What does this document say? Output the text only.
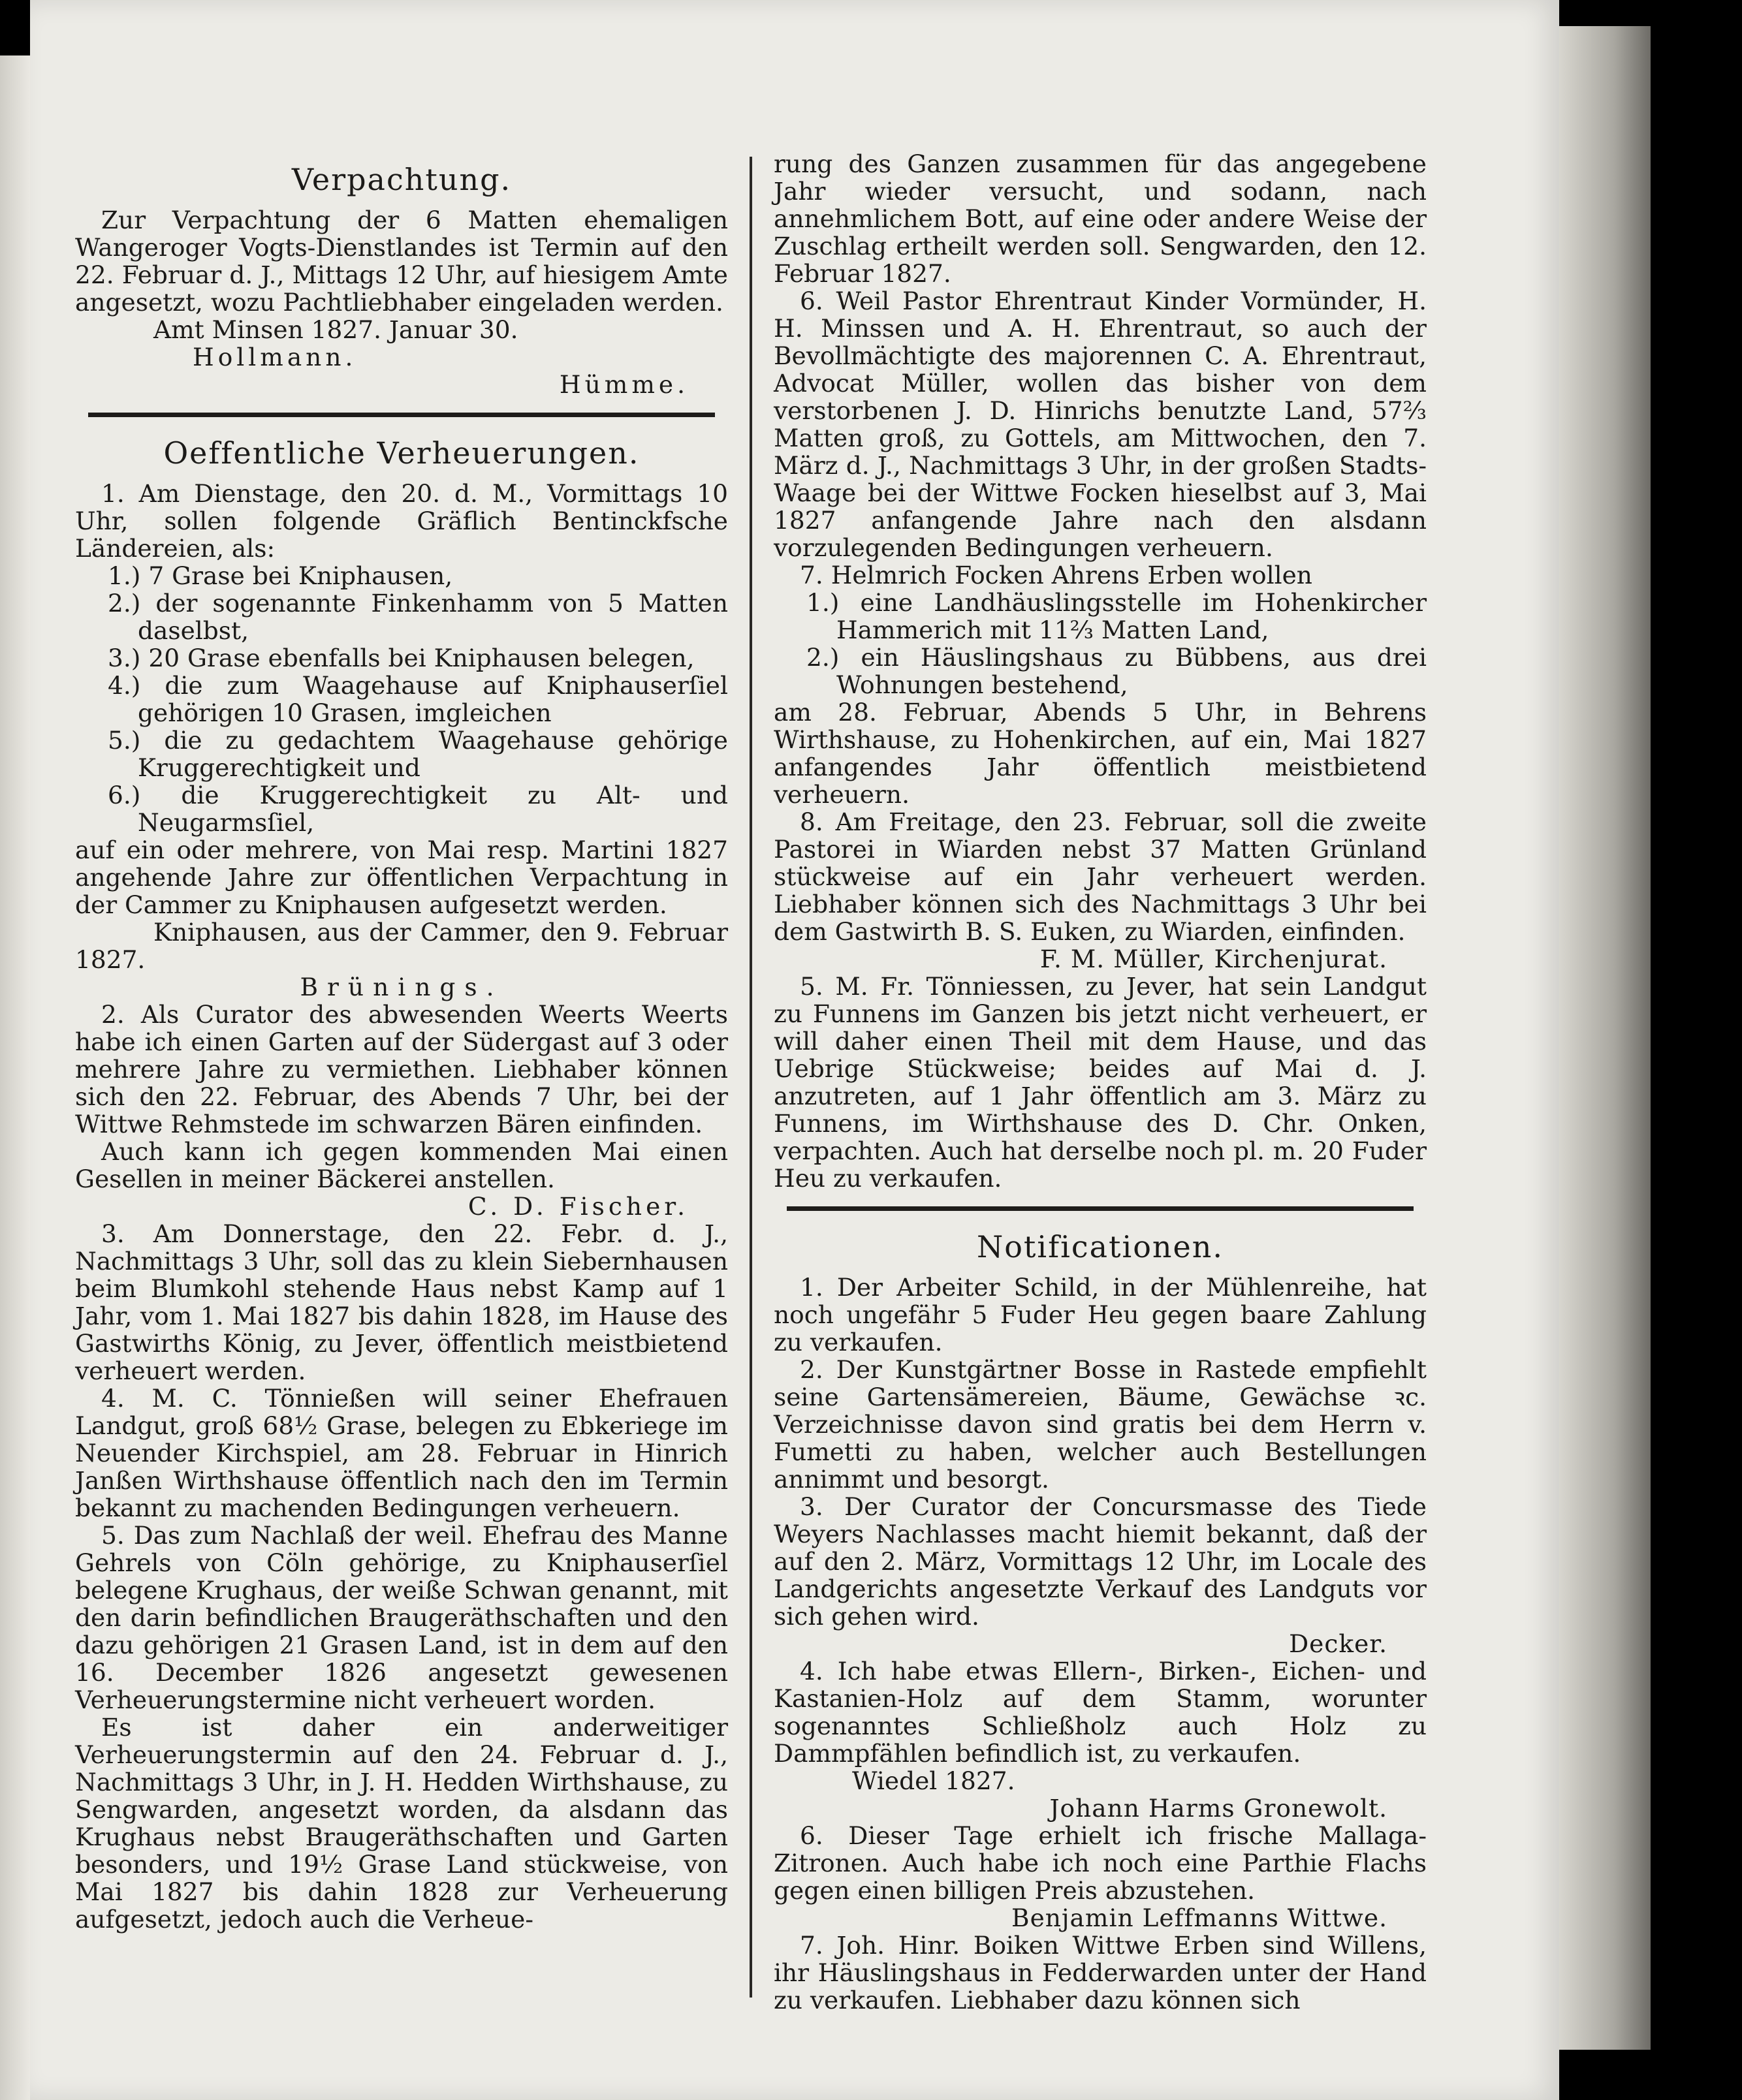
Verpachtung.

Zur Verpachtung der 6 Matten ehemaligen Wangeroger Vogts-Dienstlandes ist Termin auf den 22. Februar d. J., Mittags 12 Uhr, auf hiesigem Amte angesetzt, wozu Pachtliebhaber eingeladen werden.

Amt Minsen 1827. Januar 30.

Hollmann.

Hümme.

Oeffentliche Verheuerungen.

1. Am Dienstage, den 20. d. M., Vormittags 10 Uhr, sollen folgende Gräflich Bentinckfsche Ländereien, als:

1.) 7 Grase bei Kniphausen,

2.) der sogenannte Finkenhamm von 5 Matten daselbst,

3.) 20 Grase ebenfalls bei Kniphausen belegen,

4.) die zum Waagehause auf Kniphauserſiel gehörigen 10 Grasen, imgleichen

5.) die zu gedachtem Waagehause gehörige Kruggerechtigkeit und

6.) die Kruggerechtigkeit zu Alt- und Neugarmsſiel,

auf ein oder mehrere, von Mai resp. Martini 1827 angehende Jahre zur öffentlichen Verpachtung in der Cammer zu Kniphausen aufgesetzt werden.

Kniphausen, aus der Cammer, den 9. Februar 1827.

Brünings.

2. Als Curator des abwesenden Weerts Weerts habe ich einen Garten auf der Südergast auf 3 oder mehrere Jahre zu vermiethen. Liebhaber können sich den 22. Februar, des Abends 7 Uhr, bei der Wittwe Rehmstede im schwarzen Bären einfinden.

Auch kann ich gegen kommenden Mai einen Gesellen in meiner Bäckerei anstellen.

C. D. Fischer.

3. Am Donnerstage, den 22. Febr. d. J., Nachmittags 3 Uhr, soll das zu klein Siebernhausen beim Blumkohl stehende Haus nebst Kamp auf 1 Jahr, vom 1. Mai 1827 bis dahin 1828, im Hause des Gastwirths König, zu Jever, öffentlich meistbietend verheuert werden.

4. M. C. Tönnießen will seiner Ehefrauen Landgut, groß 68½ Grase, belegen zu Ebkeriege im Neuender Kirchspiel, am 28. Februar in Hinrich Janßen Wirthshause öffentlich nach den im Termin bekannt zu machenden Bedingungen verheuern.

5. Das zum Nachlaß der weil. Ehefrau des Manne Gehrels von Cöln gehörige, zu Kniphauserſiel belegene Krughaus, der weiße Schwan genannt, mit den darin befindlichen Braugeräthschaften und den dazu gehörigen 21 Grasen Land, ist in dem auf den 16. December 1826 angesetzt gewesenen Verheuerungstermine nicht verheuert worden.

Es ist daher ein anderweitiger Verheuerungstermin auf den 24. Februar d. J., Nachmittags 3 Uhr, in J. H. Hedden Wirthshause, zu Sengwarden, angesetzt worden, da alsdann das Krughaus nebst Braugeräthschaften und Garten besonders, und 19½ Grase Land stückweise, von Mai 1827 bis dahin 1828 zur Verheuerung aufgesetzt, jedoch auch die Verheue-

rung des Ganzen zusammen für das angegebene Jahr wieder versucht, und sodann, nach annehmlichem Bott, auf eine oder andere Weise der Zuschlag ertheilt werden soll. Sengwarden, den 12. Februar 1827.

6. Weil Pastor Ehrentraut Kinder Vormünder, H. H. Minssen und A. H. Ehrentraut, so auch der Bevollmächtigte des majorennen C. A. Ehrentraut, Advocat Müller, wollen das bisher von dem verstorbenen J. D. Hinrichs benutzte Land, 57⅔ Matten groß, zu Gottels, am Mittwochen, den 7. März d. J., Nachmittags 3 Uhr, in der großen Stadts-Waage bei der Wittwe Focken hieselbst auf 3, Mai 1827 anfangende Jahre nach den alsdann vorzulegenden Bedingungen verheuern.

7. Helmrich Focken Ahrens Erben wollen

1.) eine Landhäuslingsstelle im Hohenkircher Hammerich mit 11⅔ Matten Land,

2.) ein Häuslingshaus zu Bübbens, aus drei Wohnungen bestehend,

am 28. Februar, Abends 5 Uhr, in Behrens Wirthshause, zu Hohenkirchen, auf ein, Mai 1827 anfangendes Jahr öffentlich meistbietend verheuern.

8. Am Freitage, den 23. Februar, soll die zweite Pastorei in Wiarden nebst 37 Matten Grünland stückweise auf ein Jahr verheuert werden. Liebhaber können sich des Nachmittags 3 Uhr bei dem Gastwirth B. S. Euken, zu Wiarden, einfinden.

F. M. Müller, Kirchenjurat.

5. M. Fr. Tönniessen, zu Jever, hat sein Landgut zu Funnens im Ganzen bis jetzt nicht verheuert, er will daher einen Theil mit dem Hause, und das Uebrige Stückweise; beides auf Mai d. J. anzutreten, auf 1 Jahr öffentlich am 3. März zu Funnens, im Wirthshause des D. Chr. Onken, verpachten. Auch hat derselbe noch pl. m. 20 Fuder Heu zu verkaufen.

Notificationen.

1. Der Arbeiter Schild, in der Mühlenreihe, hat noch ungefähr 5 Fuder Heu gegen baare Zahlung zu verkaufen.

2. Der Kunstgärtner Bosse in Rastede empfiehlt seine Gartensämereien, Bäume, Gewächse ꝛc. Verzeichnisse davon sind gratis bei dem Herrn v. Fumetti zu haben, welcher auch Bestellungen annimmt und besorgt.

3. Der Curator der Concursmasse des Tiede Weyers Nachlasses macht hiemit bekannt, daß der auf den 2. März, Vormittags 12 Uhr, im Locale des Landgerichts angesetzte Verkauf des Landguts vor sich gehen wird.

Decker.

4. Ich habe etwas Ellern-, Birken-, Eichen- und Kastanien-Holz auf dem Stamm, worunter sogenanntes Schließholz auch Holz zu Dammpfählen befindlich ist, zu verkaufen.

Wiedel 1827.

Johann Harms Gronewolt.

6. Dieser Tage erhielt ich frische Mallaga-Zitronen. Auch habe ich noch eine Parthie Flachs gegen einen billigen Preis abzustehen.

Benjamin Leffmanns Wittwe.

7. Joh. Hinr. Boiken Wittwe Erben sind Willens, ihr Häuslingshaus in Fedderwarden unter der Hand zu verkaufen. Liebhaber dazu können sich
